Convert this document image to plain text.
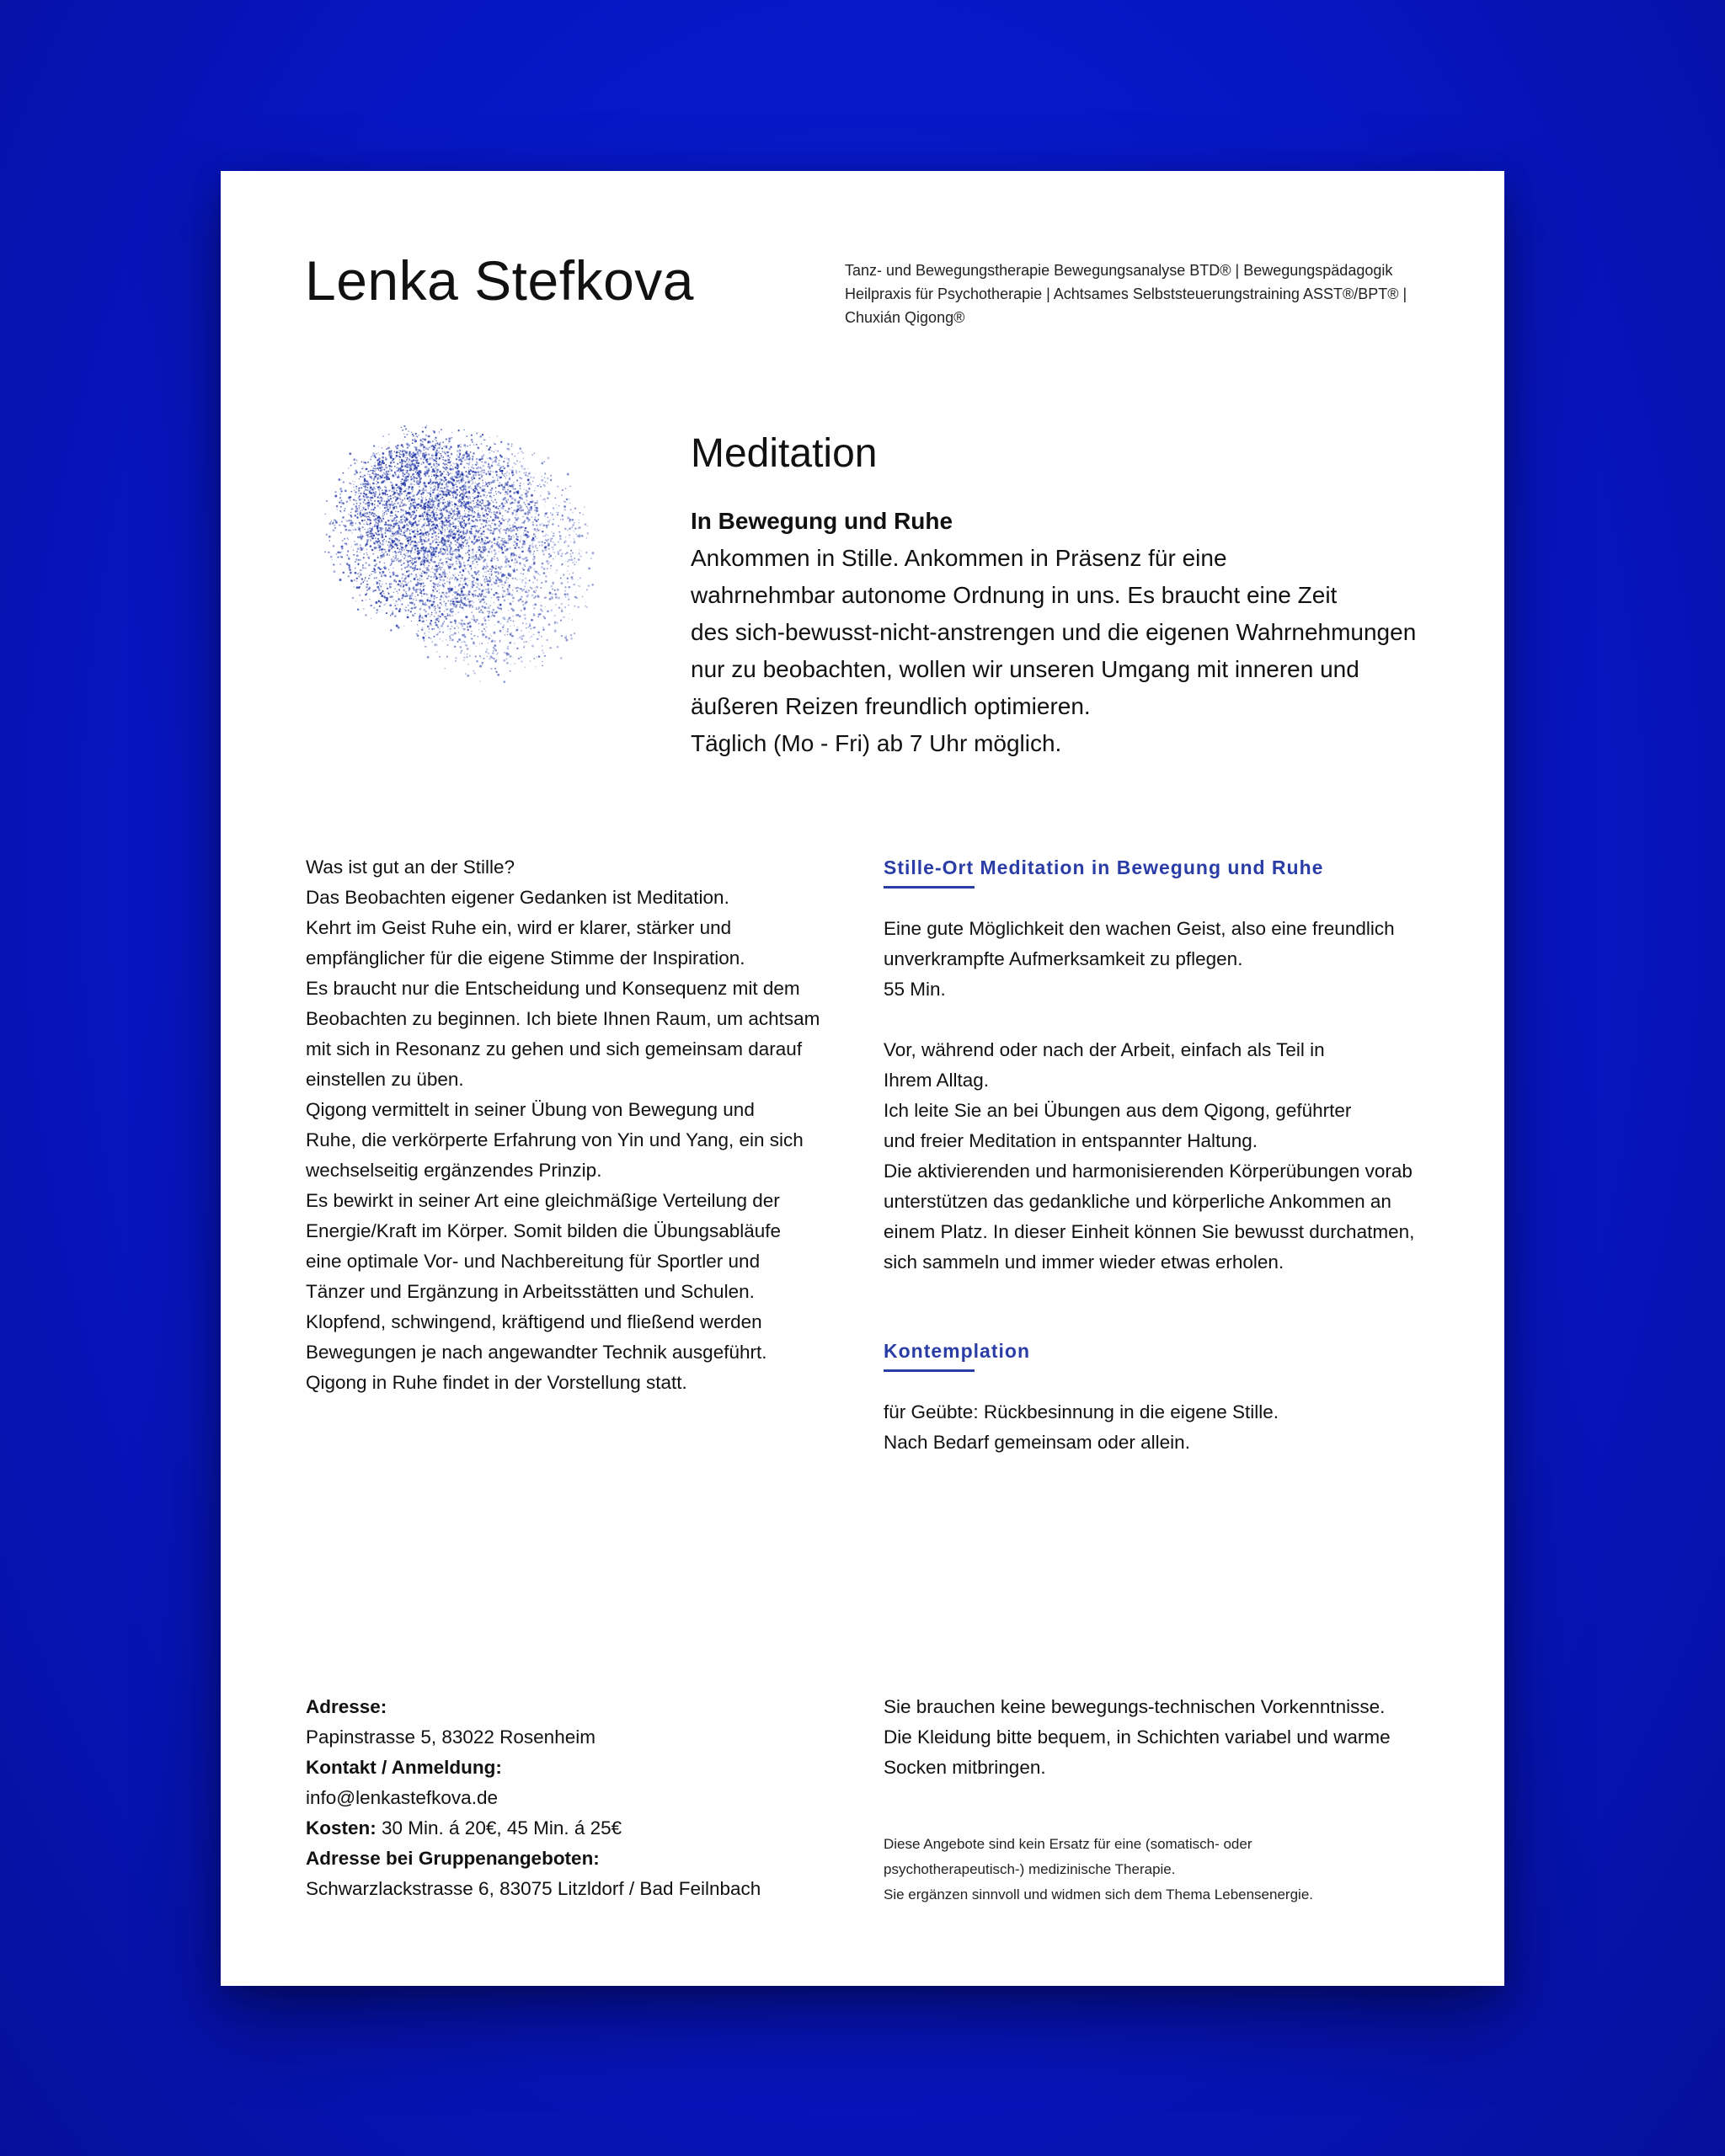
Lenka Stefkova	Tanz- und Bewegungstherapie Bewegungsanalyse BTD® | Bewegungspädagogik Heilpraxis für Psychotherapie | Achtsames Selbststeuerungstraining ASST®/BPT® | Chuxián Qigong®
Meditation
In Bewegung und Ruhe
Ankommen in Stille. Ankommen in Präsenz für eine
wahrnehmbar autonome Ordnung in uns. Es braucht eine Zeit
des sich-bewusst-nicht-anstrengen und die eigenen Wahrnehmungen
nur zu beobachten, wollen wir unseren Umgang mit inneren und
äußeren Reizen freundlich optimieren.
Täglich (Mo - Fri) ab 7 Uhr möglich.
Was ist gut an der Stille?
Das Beobachten eigener Gedanken ist Meditation.
Kehrt im Geist Ruhe ein, wird er klarer, stärker und
empfänglicher für die eigene Stimme der Inspiration.
Es braucht nur die Entscheidung und Konsequenz mit dem
Beobachten zu beginnen. Ich biete Ihnen Raum, um achtsam
mit sich in Resonanz zu gehen und sich gemeinsam darauf
einstellen zu üben.
Qigong vermittelt in seiner Übung von Bewegung und
Ruhe, die verkörperte Erfahrung von Yin und Yang, ein sich
wechselseitig ergänzendes Prinzip.
Es bewirkt in seiner Art eine gleichmäßige Verteilung der
Energie/Kraft im Körper. Somit bilden die Übungsabläufe
eine optimale Vor- und Nachbereitung für Sportler und
Tänzer und Ergänzung in Arbeitsstätten und Schulen.
Klopfend, schwingend, kräftigend und fließend werden
Bewegungen je nach angewandter Technik ausgeführt.
Qigong in Ruhe findet in der Vorstellung statt.
Stille-Ort Meditation in Bewegung und Ruhe
Eine gute Möglichkeit den wachen Geist, also eine freundlich
unverkrampfte Aufmerksamkeit zu pflegen.
55 Min.

Vor, während oder nach der Arbeit, einfach als Teil in
Ihrem Alltag.
Ich leite Sie an bei Übungen aus dem Qigong, geführter
und freier Meditation in entspannter Haltung.
Die aktivierenden und harmonisierenden Körperübungen vorab
unterstützen das gedankliche und körperliche Ankommen an
einem Platz. In dieser Einheit können Sie bewusst durchatmen,
sich sammeln und immer wieder etwas erholen.
Kontemplation
für Geübte: Rückbesinnung in die eigene Stille.
Nach Bedarf gemeinsam oder allein.
Adresse:
Papinstrasse 5, 83022 Rosenheim
Kontakt / Anmeldung:
info@lenkastefkova.de
Kosten: 30 Min. á 20€, 45 Min. á 25€
Adresse bei Gruppenangeboten:
Schwarzlackstrasse 6, 83075 Litzldorf / Bad Feilnbach
Sie brauchen keine bewegungs-technischen Vorkenntnisse.
Die Kleidung bitte bequem, in Schichten variabel und warme
Socken mitbringen.
Diese Angebote sind kein Ersatz für eine (somatisch- oder
psychotherapeutisch-) medizinische Therapie.
Sie ergänzen sinnvoll und widmen sich dem Thema Lebensenergie.
